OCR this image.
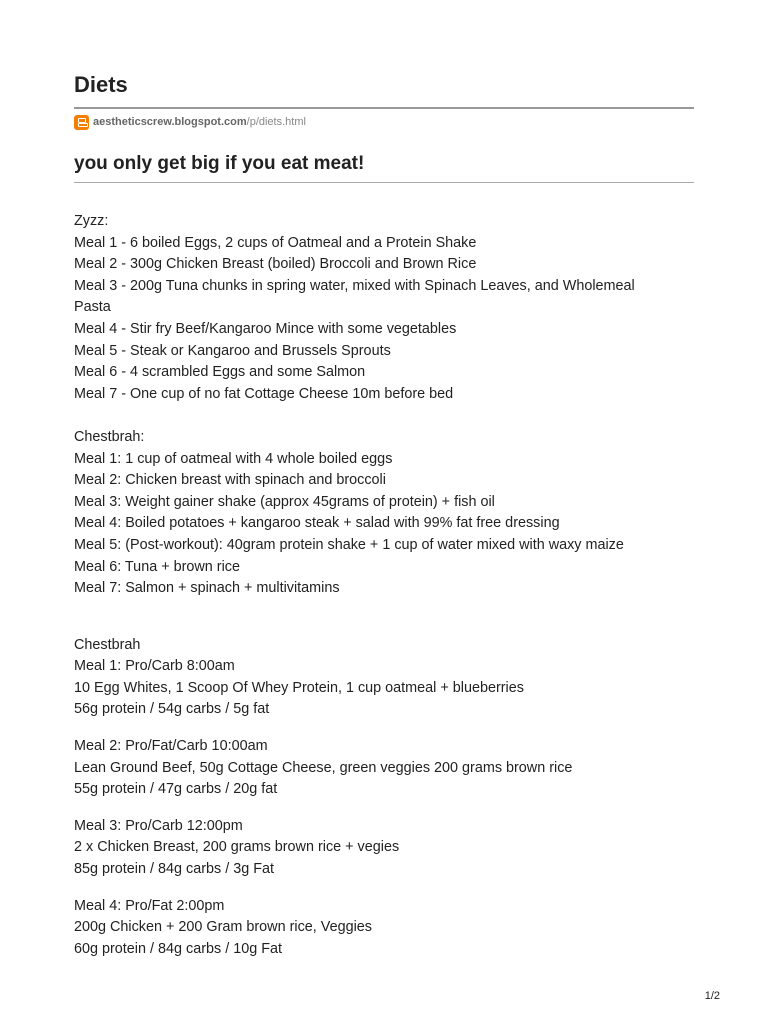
Diets
aestheticscrew.blogspot.com /p/diets.html
you only get big if you eat meat!
Zyzz:
Meal 1 - 6 boiled Eggs, 2 cups of Oatmeal and a Protein Shake
Meal 2 - 300g Chicken Breast (boiled) Broccoli and Brown Rice
Meal 3 - 200g Tuna chunks in spring water, mixed with Spinach Leaves, and Wholemeal
Pasta
Meal 4 - Stir fry Beef/Kangaroo Mince with some vegetables
Meal 5 - Steak or Kangaroo and Brussels Sprouts
Meal 6 - 4 scrambled Eggs and some Salmon
Meal 7 - One cup of no fat Cottage Cheese 10m before bed
Chestbrah:
Meal 1: 1 cup of oatmeal with 4 whole boiled eggs
Meal 2: Chicken breast with spinach and broccoli
Meal 3: Weight gainer shake (approx 45grams of protein) + fish oil
Meal 4: Boiled potatoes + kangaroo steak + salad with 99% fat free dressing
Meal 5: (Post-workout): 40gram protein shake + 1 cup of water mixed with waxy maize
Meal 6: Tuna + brown rice
Meal 7: Salmon + spinach + multivitamins
Chestbrah
Meal 1: Pro/Carb 8:00am
10 Egg Whites, 1 Scoop Of Whey Protein, 1 cup oatmeal + blueberries
56g protein / 54g carbs / 5g fat
Meal 2: Pro/Fat/Carb 10:00am
Lean Ground Beef, 50g Cottage Cheese, green veggies 200 grams brown rice
55g protein / 47g carbs / 20g fat
Meal 3: Pro/Carb 12:00pm
2 x Chicken Breast, 200 grams brown rice + vegies
85g protein / 84g carbs / 3g Fat
Meal 4: Pro/Fat 2:00pm
200g Chicken + 200 Gram brown rice, Veggies
60g protein / 84g carbs / 10g Fat
1/2
